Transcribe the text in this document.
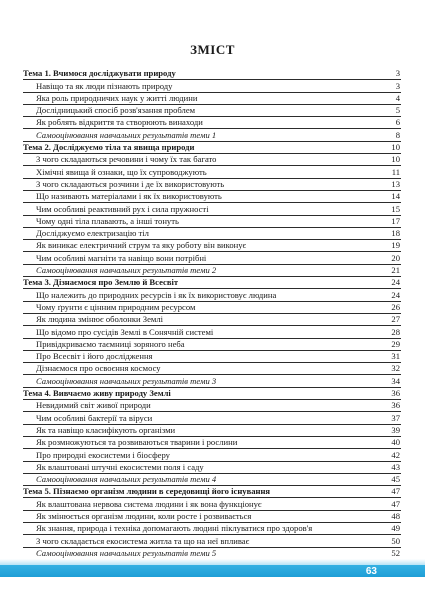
ЗМІСТ
Тема 1. Вчимося досліджувати природу	3
Навіщо та як люди пізнають природу	3
Яка роль природничих наук у житті людини	4
Дослідницький спосіб розв'язання проблем	5
Як роблять відкриття та створюють винаходи	6
Самооцінювання навчальних результатів теми 1	8
Тема 2. Досліджуємо тіла та явища природи	10
З чого складаються речовини і чому їх так багато	10
Хімічні явища й ознаки, що їх супроводжують	11
З чого складаються розчини і де їх використовують	13
Що називають матеріалами і як їх використовують	14
Чим особливі реактивний рух і сила пружності	15
Чому одні тіла плавають, а інші тонуть	17
Досліджуємо електризацію тіл	18
Як виникає електричний струм та яку роботу він виконує	19
Чим особливі магніти та навіщо вони потрібні	20
Самооцінювання навчальних результатів теми 2	21
Тема 3. Дізнаємося про Землю й Всесвіт	24
Що належить до природних ресурсів і як їх використовує людина	24
Чому ґрунти є цінним природним ресурсом	26
Як людина змінює оболонки Землі	27
Що відомо про сусідів Землі в Сонячній системі	28
Привідкриваємо таємниці зоряного неба	29
Про Всесвіт і його дослідження	31
Дізнаємося про освоєння космосу	32
Самооцінювання навчальних результатів теми 3	34
Тема 4. Вивчаємо живу природу Землі	36
Невидимий світ живої природи	36
Чим особливі бактерії та віруси	37
Як та навіщо класифікують організми	39
Як розмножуються та розвиваються тварини і рослини	40
Про природні екосистеми і біосферу	42
Як влаштовані штучні екосистеми поля і саду	43
Самооцінювання навчальних результатів теми 4	45
Тема 5. Пізнаємо організм людини в середовищі його існування	47
Як влаштована нервова система людини і як вона функціонує	47
Як змінюється організм людини, коли росте і розвивається	48
Як знання, природа і техніка допомагають людині піклуватися про здоров'я	49
З чого складається екосистема житла та що на неї впливає	50
Самооцінювання навчальних результатів теми 5	52
63
